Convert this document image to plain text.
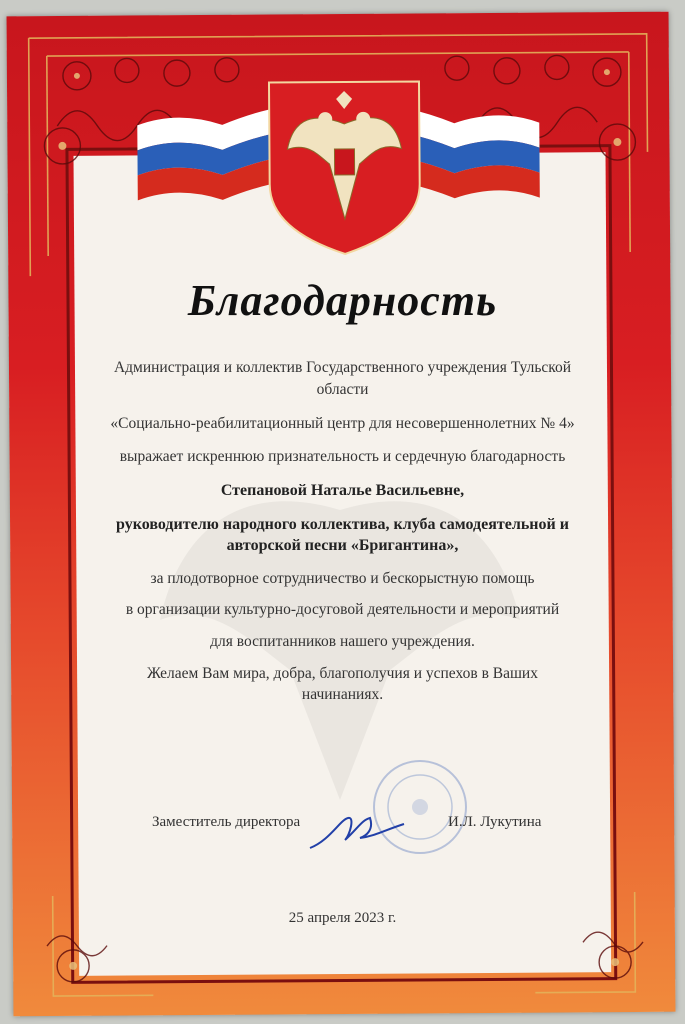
Благодарность
Администрация и коллектив Государственного учреждения Тульской
области
«Социально-реабилитационный центр для несовершеннолетних № 4»
выражает искреннюю признательность и сердечную благодарность
Степановой Наталье Васильевне,
руководителю народного коллектива, клуба самодеятельной и
авторской песни «Бригантина»,
за плодотворное сотрудничество и бескорыстную помощь
в организации культурно-досуговой деятельности и мероприятий
для воспитанников нашего учреждения.
Желаем Вам мира, добра, благополучия и успехов в Ваших
начинаниях.
Заместитель директора	И.Л. Лукутина
25 апреля 2023 г.
